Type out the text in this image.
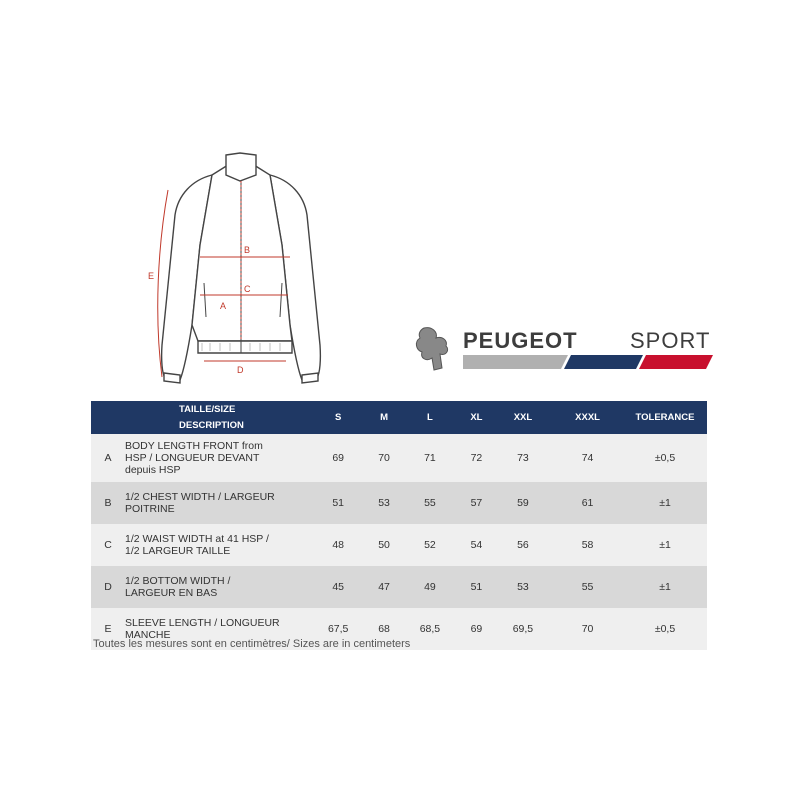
B
C
A
D
E
PEUGEOT SPORT

	TAILLE/SIZE
DESCRIPTION	S	M	L	XL	XXL	XXXL	TOLERANCE
A	BODY LENGTH FRONT from
HSP / LONGUEUR DEVANT
depuis HSP	69	70	71	72	73	74	±0,5
B	1/2 CHEST WIDTH / LARGEUR
POITRINE	51	53	55	57	59	61	±1
C	1/2 WAIST WIDTH at 41 HSP /
1/2 LARGEUR TAILLE	48	50	52	54	56	58	±1
D	1/2 BOTTOM WIDTH /
LARGEUR EN BAS	45	47	49	51	53	55	±1
E	SLEEVE LENGTH / LONGUEUR
MANCHE	67,5	68	68,5	69	69,5	70	±0,5
Toutes les mesures sont en centimètres/ Sizes are in centimeters
